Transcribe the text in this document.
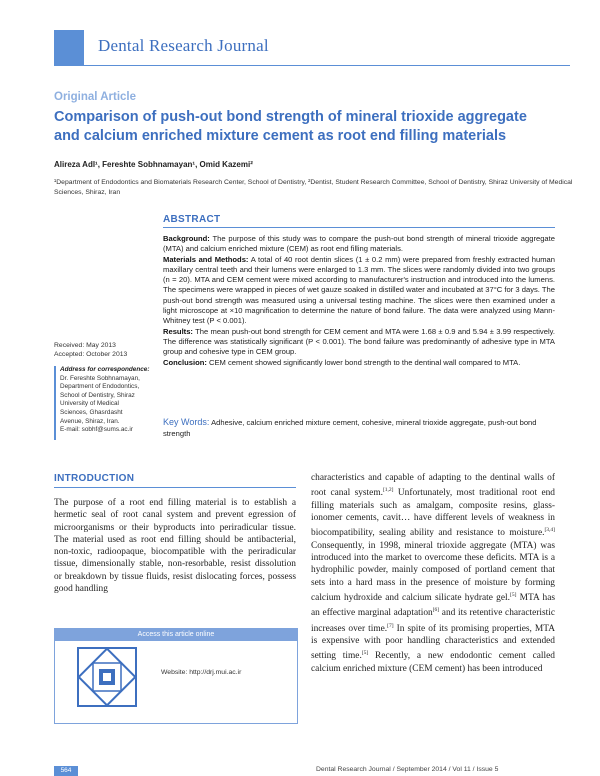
Dental Research Journal
Original Article
Comparison of push-out bond strength of mineral trioxide aggregate
and calcium enriched mixture cement as root end filling materials
Alireza Adl¹, Fereshte Sobhnamayan¹, Omid Kazemi²
¹Department of Endodontics and Biomaterials Research Center, School of Dentistry, ²Dentist, Student Research Committee, School of Dentistry, Shiraz University of Medical Sciences, Shiraz, Iran
ABSTRACT

Background: The purpose of this study was to compare the push-out bond strength of mineral trioxide aggregate (MTA) and calcium enriched mixture (CEM) as root end filling materials.

Materials and Methods: A total of 40 root dentin slices (1 ± 0.2 mm) were prepared from freshly extracted human maxillary central teeth and their lumens were enlarged to 1.3 mm. The slices were randomly divided into two groups (n = 20). MTA and CEM cement were mixed according to manufacturer's instruction and introduced into the lumens. The specimens were wrapped in pieces of wet gauze soaked in distilled water and incubated at 37°C for 3 days. The push-out bond strength was measured using a universal testing machine. The slices were then examined under a light microscope at ×10 magnification to determine the nature of bond failure. The data were analyzed using Mann-Whitney test (P < 0.001).

Results: The mean push-out bond strength for CEM cement and MTA were 1.68 ± 0.9 and 5.94 ± 3.99 respectively. The difference was statistically significant (P < 0.001). The bond failure was predominantly of adhesive type in MTA group and cohesive type in CEM group.

Conclusion: CEM cement showed significantly lower bond strength to the dentinal wall compared to MTA.

Key Words: Adhesive, calcium enriched mixture cement, cohesive, mineral trioxide aggregate, push-out bond strength
Received: May 2013
Accepted: October 2013
Address for correspondence:
Dr. Fereshte Sobhnamayan,
Department of Endodontics,
School of Dentistry, Shiraz
University of Medical
Sciences, Ghasrdasht
Avenue, Shiraz, Iran.
E-mail: sobhf@sums.ac.ir
INTRODUCTION
The purpose of a root end filling material is to establish a hermetic seal of root canal system and prevent egression of microorganisms or their byproducts into periradicular tissue. The material used as root end filling should be antibacterial, non-toxic, radioopaque, biocompatible with the periradicular tissue, dimensionally stable, non-resorbable, resist dissolution or breakdown by tissue fluids, resist dislocating forces, possess good handling
characteristics and capable of adapting to the dentinal walls of root canal system.[1,2] Unfortunately, most traditional root end filling materials such as amalgam, composite resins, glass-ionomer cements, cavit… have different levels of weakness in biocompatibility, sealing ability and resistance to moisture.[3,4] Consequently, in 1998, mineral trioxide aggregate (MTA) was introduced into the market to overcome these deficits. MTA is a hydrophilic powder, mainly composed of portland cement that sets into a hard mass in the presence of moisture by forming calcium hydroxide and calcium silicate hydrate gel.[5] MTA has an effective marginal adaptation[6] and its retentive characteristic increases over time.[7] In spite of its promising properties, MTA is expensive with poor handling characteristics and extended setting time.[5] Recently, a new endodontic cement called calcium enriched mixture (CEM cement) has been introduced
Access this article online
Website: http://drj.mui.ac.ir
564	Dental Research Journal / September 2014 / Vol 11 / Issue 5
